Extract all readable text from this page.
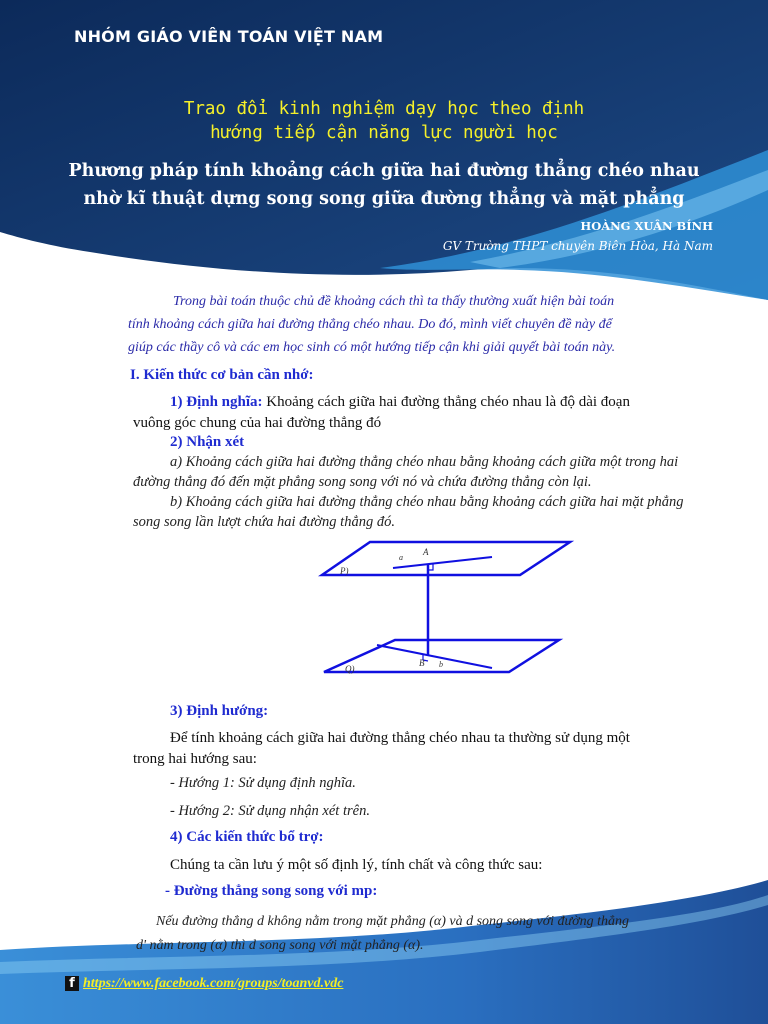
NHÓM GIÁO VIÊN TOÁN VIỆT NAM
Trao đổi kinh nghiệm dạy học theo định
hướng tiếp cận năng lực người học
Phương pháp tính khoảng cách giữa hai đường thẳng chéo nhau
nhờ kĩ thuật dựng song song giữa đường thẳng và mặt phẳng
HOÀNG XUÂN BÍNH
GV Trường THPT chuyên Biên Hòa, Hà Nam
Trong bài toán thuộc chủ đề khoảng cách thì ta thấy thường xuất hiện bài toán
tính khoảng cách giữa hai đường thẳng chéo nhau. Do đó, mình viết chuyên đề này để
giúp các thầy cô và các em học sinh có một hướng tiếp cận khi giải quyết bài toán này.
I. Kiến thức cơ bản cần nhớ:
1) Định nghĩa: Khoảng cách giữa hai đường thẳng chéo nhau là độ dài đoạn
vuông góc chung của hai đường thẳng đó
2) Nhận xét
a) Khoảng cách giữa hai đường thẳng chéo nhau bằng khoảng cách giữa một trong hai
đường thẳng đó đến mặt phẳng song song với nó và chứa đường thẳng còn lại.
b) Khoảng cách giữa hai đường thẳng chéo nhau bằng khoảng cách giữa hai mặt phẳng
song song lần lượt chứa hai đường thẳng đó.
a
A
P)
Q)
B b
3) Định hướng:
Để tính khoảng cách giữa hai đường thẳng chéo nhau ta thường sử dụng một
trong hai hướng sau:
- Hướng 1: Sử dụng định nghĩa.
- Hướng 2: Sử dụng nhận xét trên.
4) Các kiến thức bổ trợ:
Chúng ta cần lưu ý một số định lý, tính chất và công thức sau:
- Đường thẳng song song với mp:
Nếu đường thẳng d không nằm trong mặt phẳng (α) và d song song với đường thẳng
d' nằm trong (α) thì d song song với mặt phẳng (α).
f https://www.facebook.com/groups/toanvd.vdc
